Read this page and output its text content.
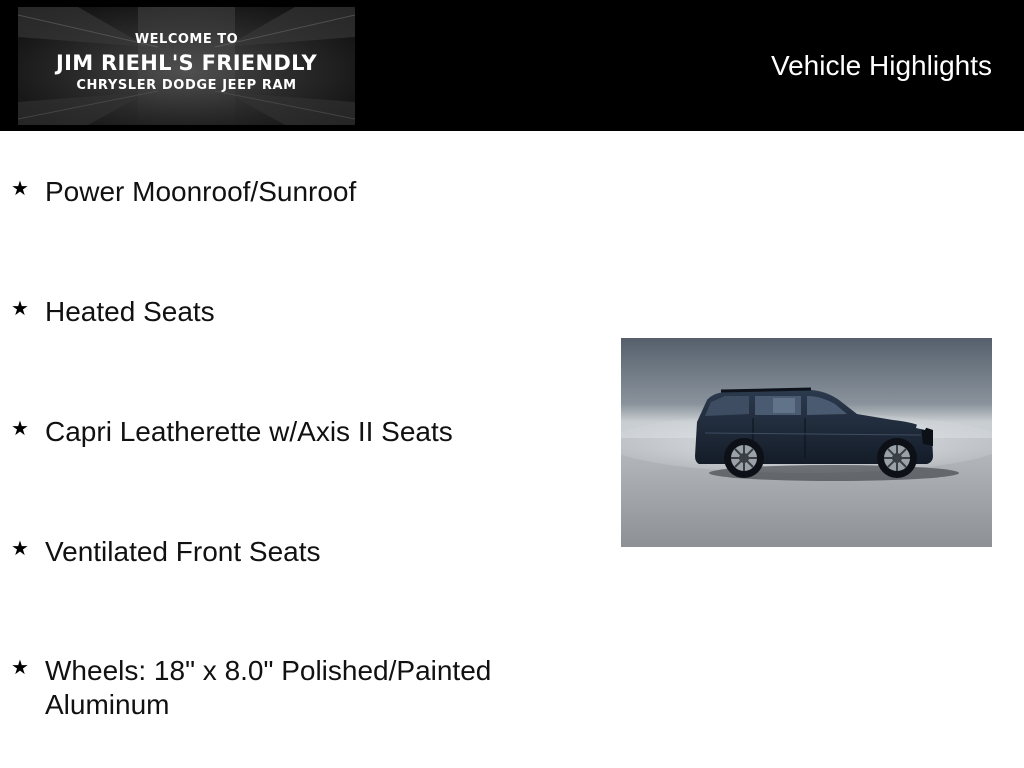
WELCOME TO
JIM RIEHL'S FRIENDLY
CHRYSLER DODGE JEEP RAM
Vehicle Highlights
★ Power Moonroof/Sunroof
★ Heated Seats
★ Capri Leatherette w/Axis II Seats
★ Ventilated Front Seats
★ Wheels: 18" x 8.0" Polished/Painted Aluminum
